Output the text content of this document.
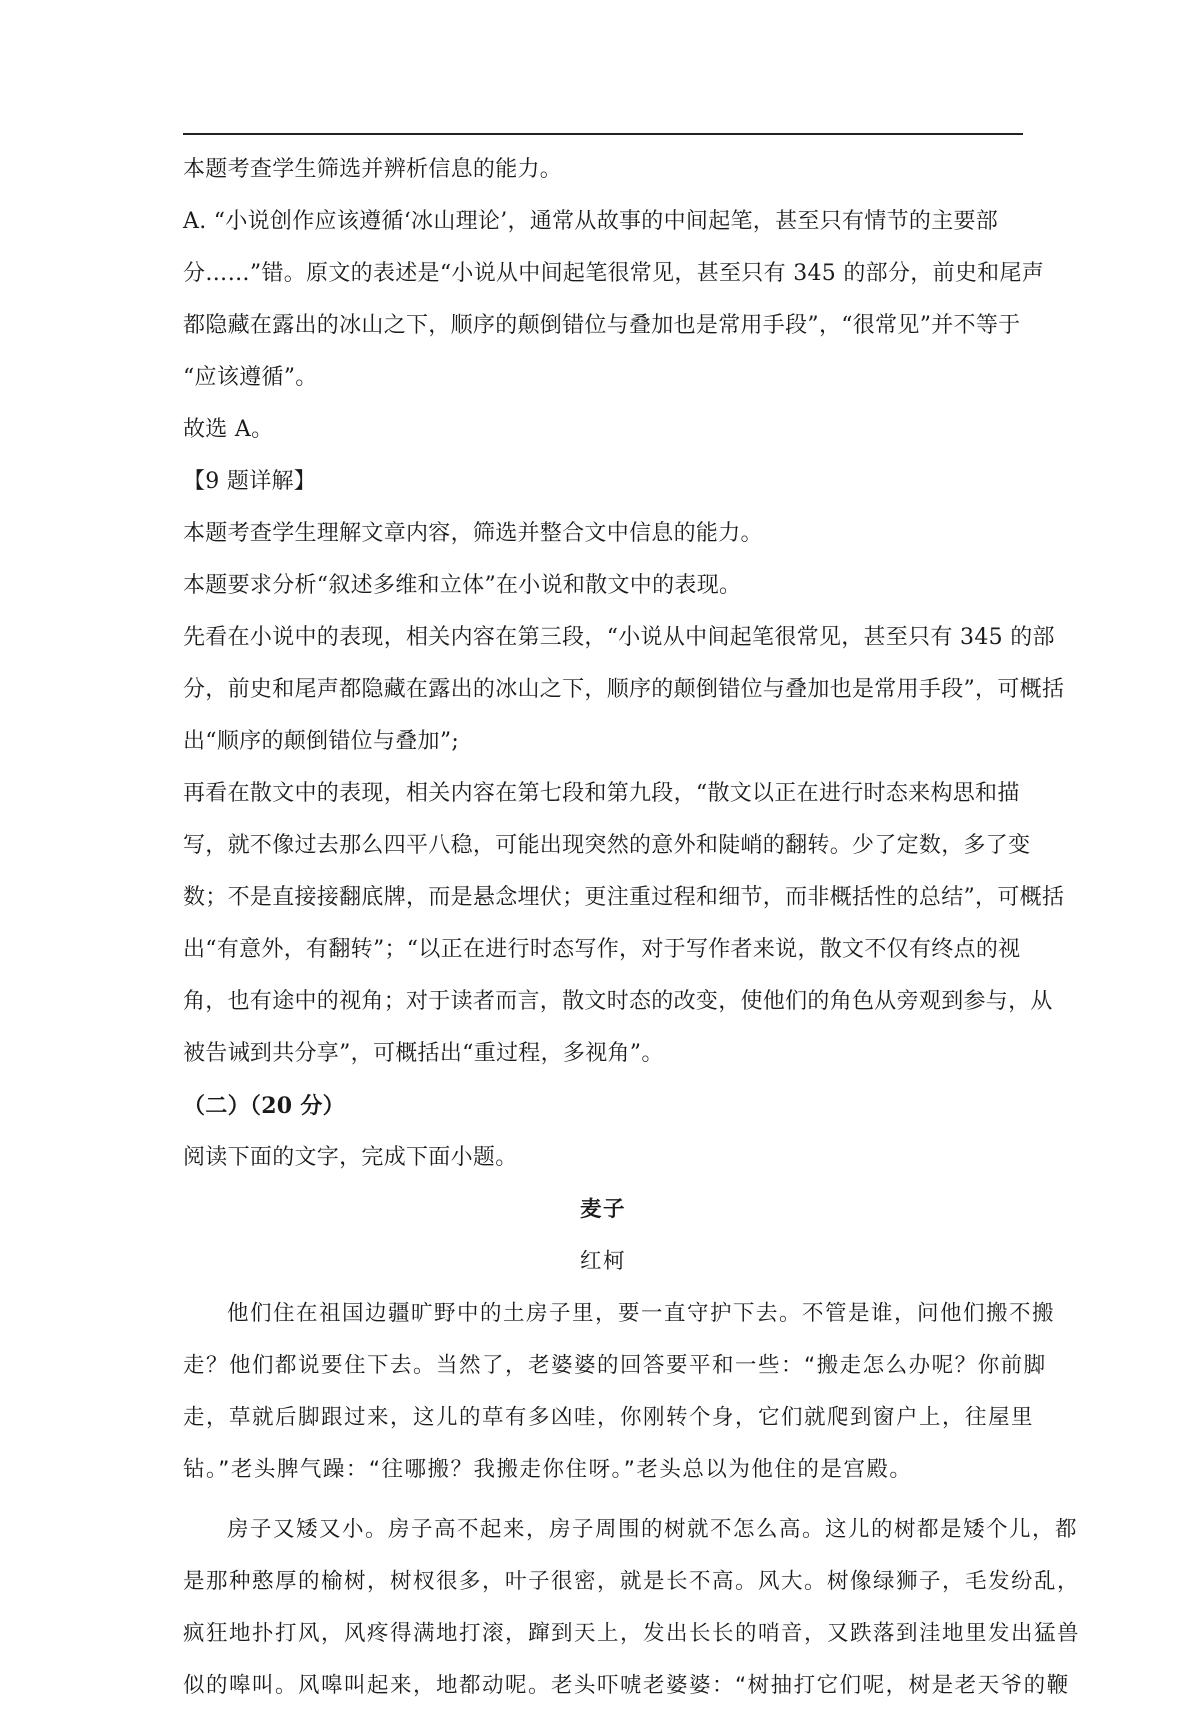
本题考查学生筛选并辨析信息的能力。
A. “小说创作应该遵循‘冰山理论’，通常从故事的中间起笔，甚至只有情节的主要部
分……”错。原文的表述是“小说从中间起笔很常见，甚至只有 345 的部分，前史和尾声
都隐藏在露出的冰山之下，顺序的颠倒错位与叠加也是常用手段”，“很常见”并不等于
“应该遵循”。
故选 A。
【9 题详解】
本题考查学生理解文章内容，筛选并整合文中信息的能力。
本题要求分析“叙述多维和立体”在小说和散文中的表现。
先看在小说中的表现，相关内容在第三段，“小说从中间起笔很常见，甚至只有 345 的部
分，前史和尾声都隐藏在露出的冰山之下，顺序的颠倒错位与叠加也是常用手段”，可概括
出“顺序的颠倒错位与叠加”;
再看在散文中的表现，相关内容在第七段和第九段，“散文以正在进行时态来构思和描
写，就不像过去那么四平八稳，可能出现突然的意外和陡峭的翻转。少了定数，多了变
数；不是直接接翻底牌，而是悬念埋伏；更注重过程和细节，而非概括性的总结”，可概括
出“有意外，有翻转”；“以正在进行时态写作，对于写作者来说，散文不仅有终点的视
角，也有途中的视角；对于读者而言，散文时态的改变，使他们的角色从旁观到参与，从
被告诫到共分享”，可概括出“重过程，多视角”。
（二）（20 分）
阅读下面的文字，完成下面小题。
麦子
红柯
他们住在祖国边疆旷野中的土房子里，要一直守护下去。不管是谁，问他们搬不搬
走？他们都说要住下去。当然了，老婆婆的回答要平和一些：“搬走怎么办呢？你前脚
走，草就后脚跟过来，这儿的草有多凶哇，你刚转个身，它们就爬到窗户上，往屋里
钻。”老头脾气躁：“往哪搬？我搬走你住呀。”老头总以为他住的是宫殿。
房子又矮又小。房子高不起来，房子周围的树就不怎么高。这儿的树都是矮个儿，都
是那种憨厚的榆树，树杈很多，叶子很密，就是长不高。风大。树像绿狮子，毛发纷乱，
疯狂地扑打风，风疼得满地打滚，蹿到天上，发出长长的哨音，又跌落到洼地里发出猛兽
似的嗥叫。风嗥叫起来，地都动呢。老头吓唬老婆婆：“树抽打它们呢，树是老天爷的鞭
